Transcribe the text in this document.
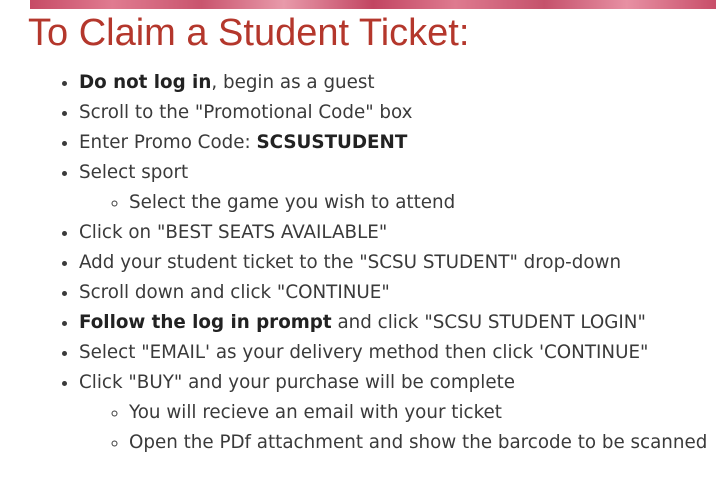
To Claim a Student Ticket:
• Do not log in, begin as a guest
• Scroll to the "Promotional Code" box
• Enter Promo Code: SCSUSTUDENT
• Select sport
◦ Select the game you wish to attend
• Click on "BEST SEATS AVAILABLE"
• Add your student ticket to the "SCSU STUDENT" drop-down
• Scroll down and click "CONTINUE"
• Follow the log in prompt and click "SCSU STUDENT LOGIN"
• Select "EMAIL' as your delivery method then click 'CONTINUE"
• Click "BUY" and your purchase will be complete
◦ You will recieve an email with your ticket
◦ Open the PDf attachment and show the barcode to be scanned
